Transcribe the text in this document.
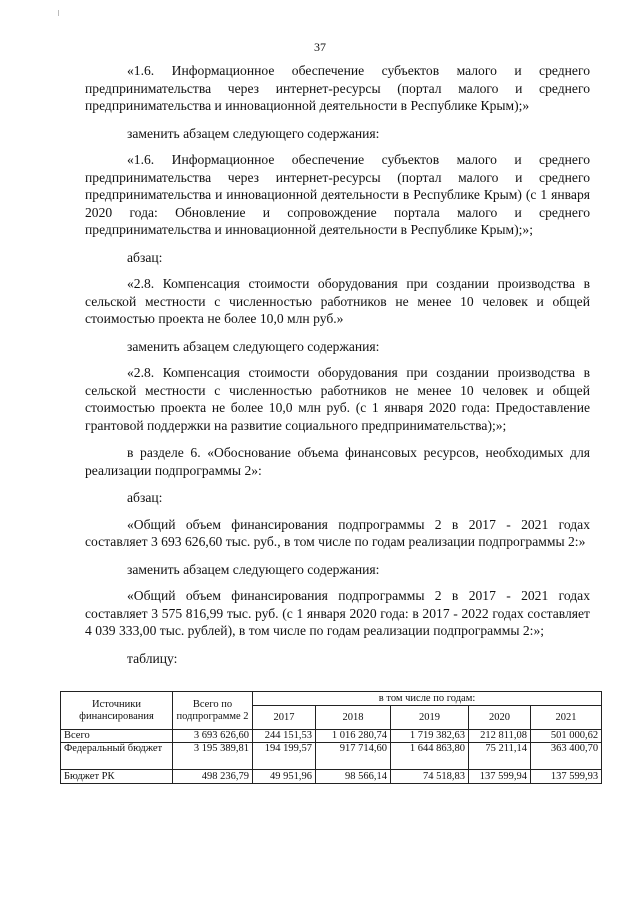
37

«1.6. Информационное обеспечение субъектов малого и среднего предпринимательства через интернет-ресурсы (портал малого и среднего предпринимательства и инновационной деятельности в Республике Крым);»

заменить абзацем следующего содержания:

«1.6. Информационное обеспечение субъектов малого и среднего предпринимательства через интернет-ресурсы (портал малого и среднего предпринимательства и инновационной деятельности в Республике Крым) (с 1 января 2020 года: Обновление и сопровождение портала малого и среднего предпринимательства и инновационной деятельности в Республике Крым);»;

абзац:

«2.8. Компенсация стоимости оборудования при создании производства в сельской местности с численностью работников не менее 10 человек и общей стоимостью проекта не более 10,0 млн руб.»

заменить абзацем следующего содержания:

«2.8. Компенсация стоимости оборудования при создании производства в сельской местности с численностью работников не менее 10 человек и общей стоимостью проекта не более 10,0 млн руб. (с 1 января 2020 года: Предоставление грантовой поддержки на развитие социального предпринимательства);»;

в разделе 6. «Обоснование объема финансовых ресурсов, необходимых для реализации подпрограммы 2»:

абзац:

«Общий объем финансирования подпрограммы 2 в 2017 - 2021 годах составляет 3 693 626,60 тыс. руб., в том числе по годам реализации подпрограммы 2:»

заменить абзацем следующего содержания:

«Общий объем финансирования подпрограммы 2 в 2017 - 2021 годах составляет 3 575 816,99 тыс. руб. (с 1 января 2020 года: в 2017 - 2022 годах составляет 4 039 333,00 тыс. рублей), в том числе по годам реализации подпрограммы 2:»;

таблицу:

Источники финансирования	Всего по подпрограмме 2	в том числе по годам:				
		2017	2018	2019	2020	2021
Всего	3 693 626,60	244 151,53	1 016 280,74	1 719 382,63	212 811,08	501 000,62
Федеральный бюджет	3 195 389,81	194 199,57	917 714,60	1 644 863,80	75 211,14	363 400,70
Бюджет РК	498 236,79	49 951,96	98 566,14	74 518,83	137 599,94	137 599,93
